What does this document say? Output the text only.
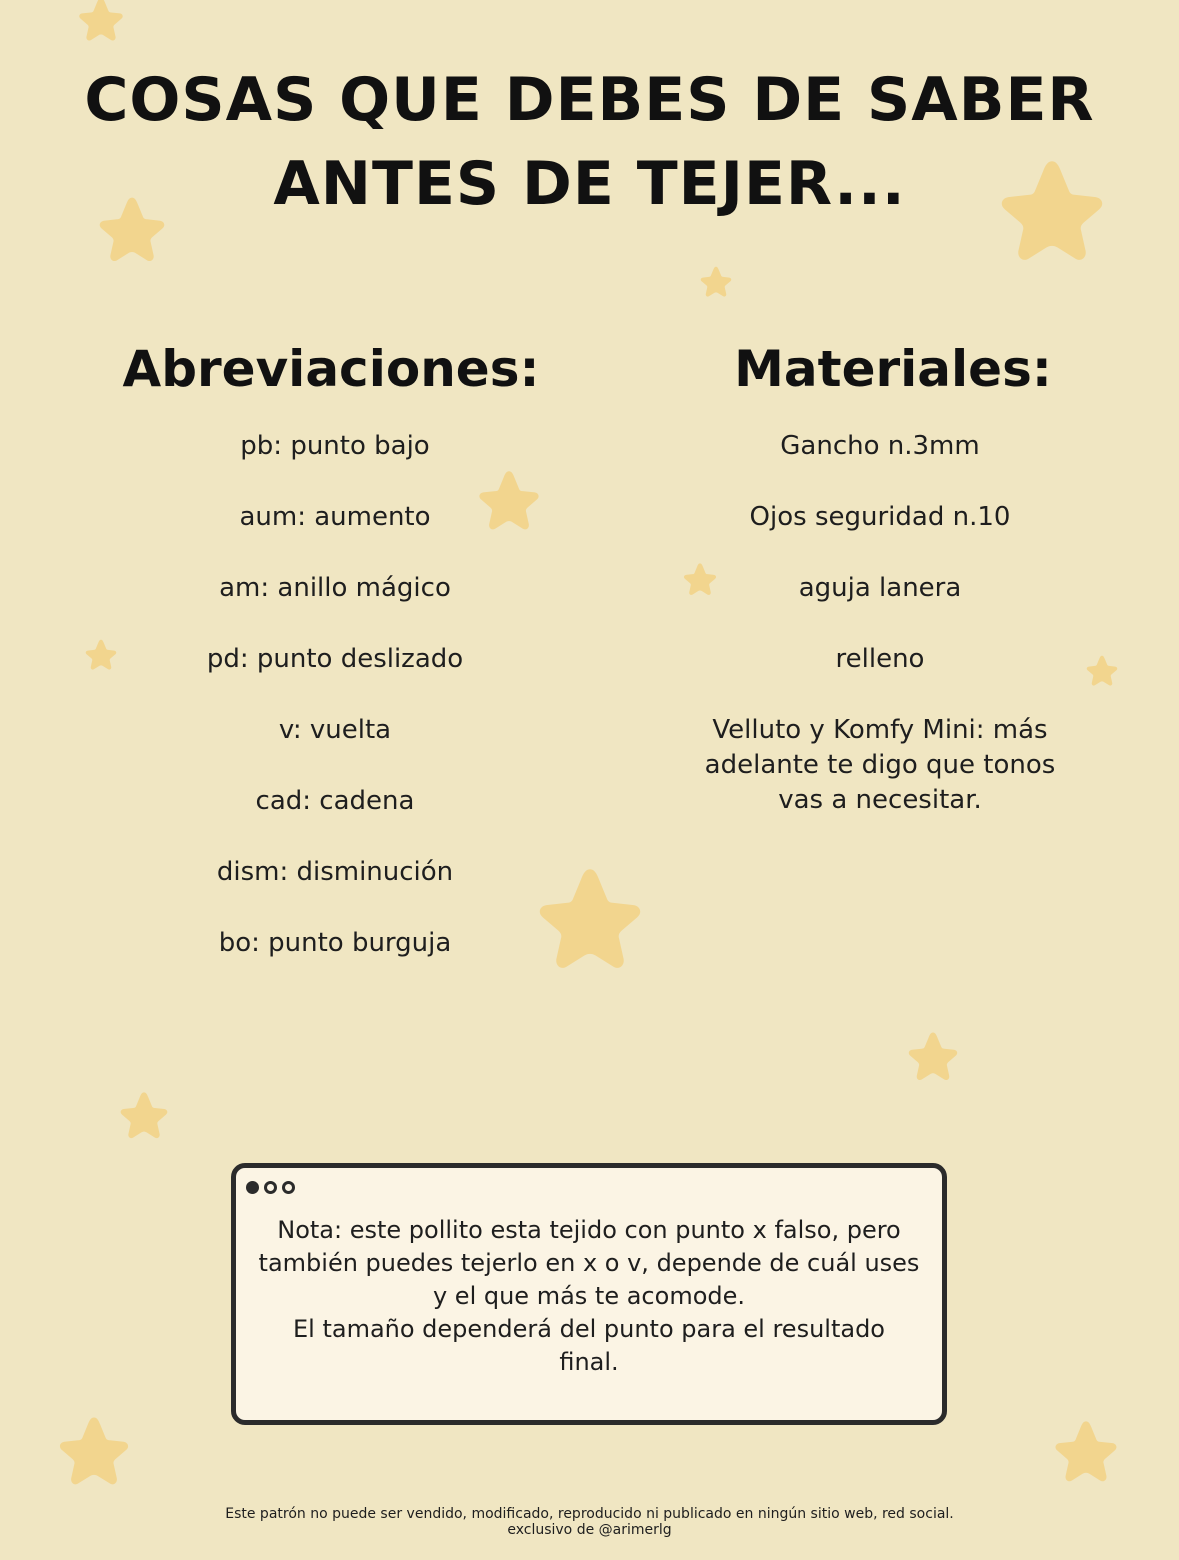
COSAS QUE DEBES DE SABER
ANTES DE TEJER...
Abreviaciones:
pb: punto bajo
aum: aumento
am: anillo mágico
pd: punto deslizado
v: vuelta
cad: cadena
dism: disminución
bo: punto burguja
Materiales:
Gancho n.3mm
Ojos seguridad n.10
aguja lanera
relleno
Velluto y Komfy Mini: más
adelante te digo que tonos
vas a necesitar.

Nota: este pollito esta tejido con punto x falso, pero
también puedes tejerlo en x o v, depende de cuál uses
y el que más te acomode.
El tamaño dependerá del punto para el resultado
final.

Este patrón no puede ser vendido, modificado, reproducido ni publicado en ningún sitio web, red social.
exclusivo de @arimerlg
